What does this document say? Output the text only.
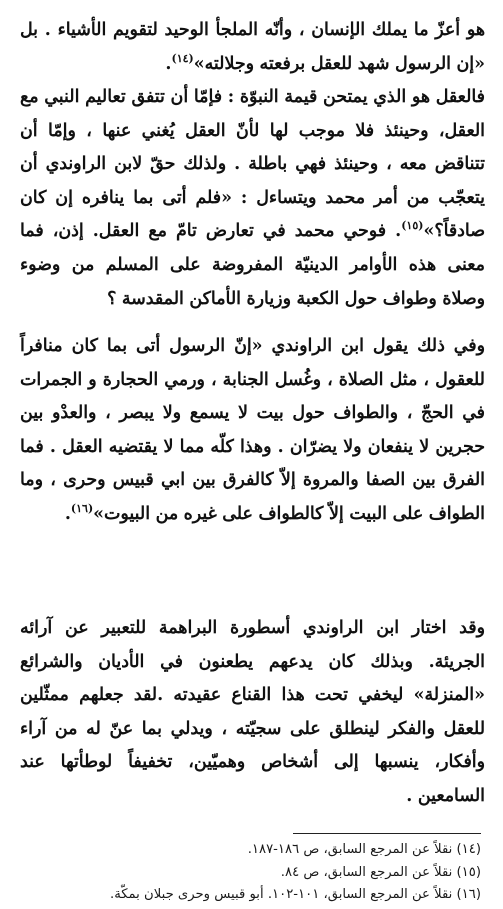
هو أعزّ ما يملك الإنسان ، وأنّه الملجأ الوحيد لتقويم الأشياء . بل «إن الرسول شهد للعقل برفعته وجلالته»$^{(١٤)}$.

فالعقل هو الذي يمتحن قيمة النبوّة : فإمّا أن تتفق تعاليم النبي مع العقل، وحينئذ فلا موجب لها لأنّ العقل يُغني عنها ، وإمّا أن تتناقض معه ، وحينئذ فهي باطلة . ولذلك حقّ لابن الراوندي أن يتعجّب من أمر محمد ويتساءل : «فلم أتى بما ينافره إن كان صادقاً؟»$^{(١٥)}$. فوحي محمد في تعارض تامّ مع العقل. إذن، فما معنى هذه الأوامر الدينيّة المفروضة على المسلم من وضوء وصلاة وطواف حول الكعبة وزيارة الأماكن المقدسة ؟

وفي ذلك يقول ابن الراوندي «إنّ الرسول أتى بما كان منافراً للعقول ، مثل الصلاة ، وغُسل الجنابة ، ورمي الحجارة و الجمرات في الحجّ ، والطواف حول بيت لا يسمع ولا يبصر ، والعدْو بين حجرين لا ينفعان ولا يضرّان . وهذا كلّه مما لا يقتضيه العقل . فما الفرق بين الصفا والمروة إلاّ كالفرق بين ابي قبيس وحرى ، وما الطواف على البيت إلاّ كالطواف على غيره من البيوت»$^{(١٦)}$.

وقد اختار ابن الراوندي أسطورة البراهمة للتعبير عن آرائه الجريئة. وبذلك كان يدعهم يطعنون في الأديان والشرائع «المنزلة» ليخفي تحت هذا القناع عقيدته .لقد جعلهم ممثّلين للعقل والفكر لينطلق على سجيّته ، ويدلي بما عنّ له من آراء وأفكار، ينسبها إلى أشخاص وهميّين، تخفيفاً لوطأتها عند السامعين .

(١٤) نقلاً عن المرجع السابق، ص ١٨٦-١٨٧.
(١٥) نقلاً عن المرجع السابق، ص ٨٤.
(١٦) نقلاً عن المرجع السابق، ١٠١-١٠٢. أبو قبيس وحرى جبلان بمكّة.
